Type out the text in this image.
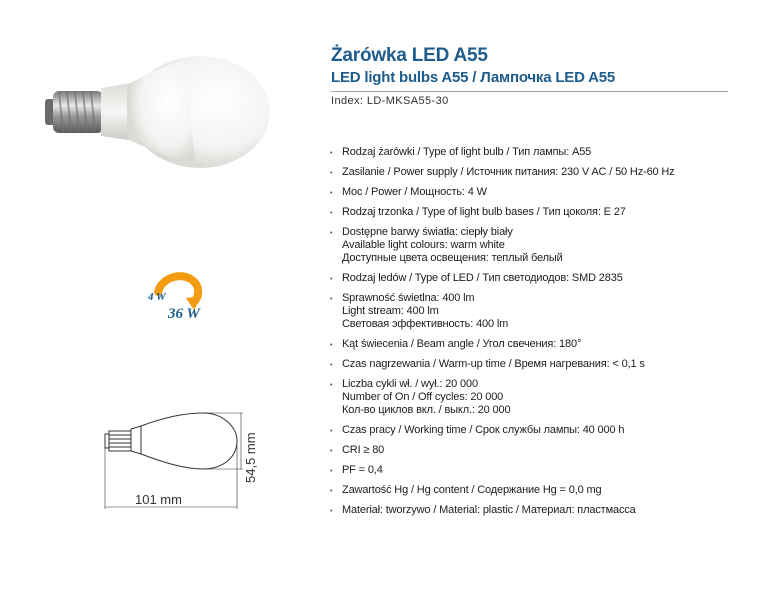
4 W
36 W
101 mm
54,5 mm
Żarówka LED A55
LED light bulbs A55 / Лампочка LED A55
Index: LD-MKSA55-30
• Rodzaj żarówki / Type of light bulb / Тип лампы: A55
• Zasilanie / Power supply / Источник питания: 230 V AC / 50 Hz-60 Hz
• Moc / Power / Мощность: 4 W
• Rodzaj trzonka / Type of light bulb bases / Тип цоколя: E 27
• Dostępne barwy światła: ciepły biały
Available light colours: warm white
Доступные цвета освещения: теплый белый
• Rodzaj ledów / Type of LED / Тип светодиодов: SMD 2835
• Sprawność świetlna: 400 lm
Light stream: 400 lm
Световая эффективность: 400 lm
• Kąt świecenia / Beam angle / Угол свечения: 180°
• Czas nagrzewania / Warm-up time / Время нагревания: < 0,1 s
• Liczba cykli wł. / wył.: 20 000
Number of On / Off cycles: 20 000
Кол-во циклов вкл. / выкл.: 20 000
• Czas pracy / Working time / Срок службы лампы: 40 000 h
• CRI ≥ 80
• PF = 0,4
• Zawartość Hg / Hg content / Содержание Hg = 0,0 mg
• Materiał: tworzywo / Material: plastic / Материал: пластмасса
